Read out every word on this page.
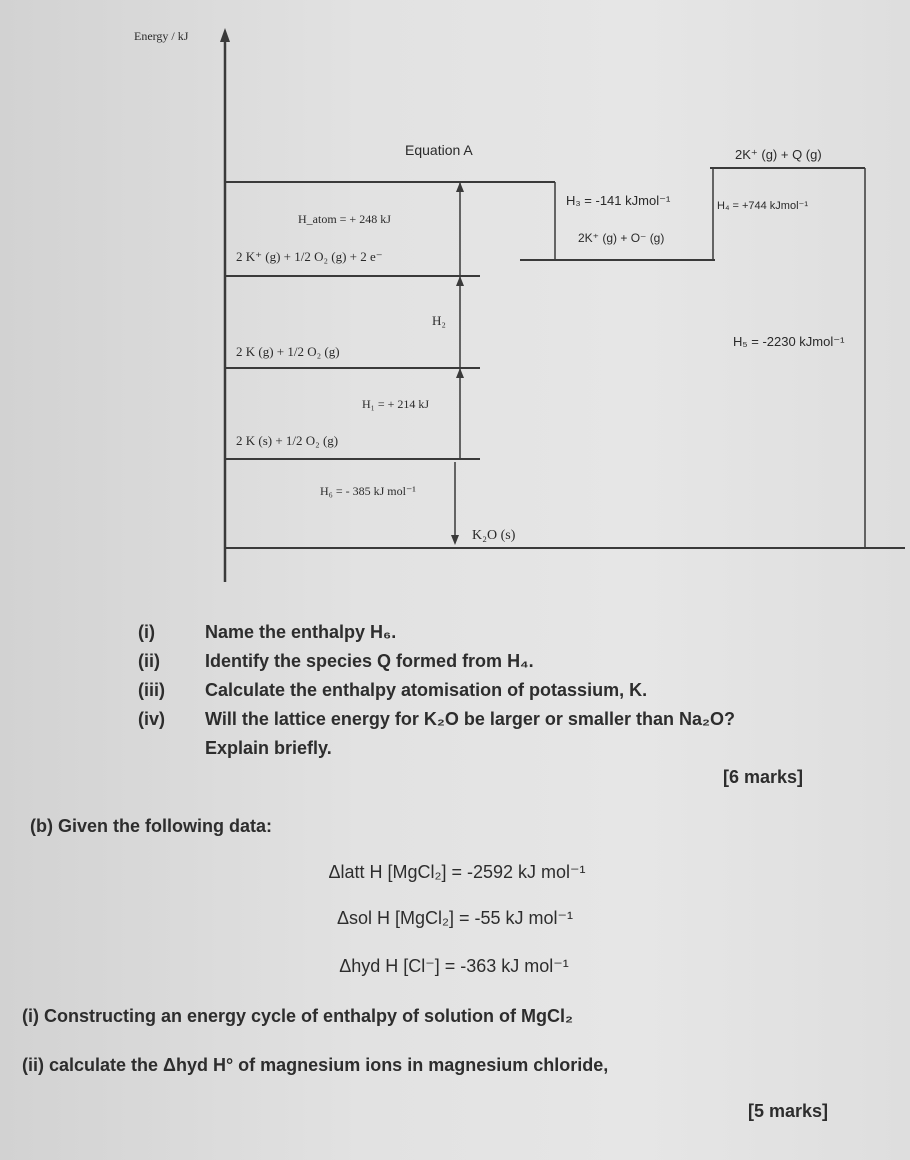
Energy / kJ
Equation A	2K⁺ (g) + Q (g)
H_atom = + 248 kJ
2 K⁺ (g) + 1/2 O₂ (g) + 2 e⁻
H₃ = -141 kJmol⁻¹
2K⁺ (g) + O⁻ (g)
H₄ = +744 kJmol⁻¹
H₂
2 K (g) + 1/2 O₂ (g)
H₅ = -2230 kJmol⁻¹
H₁ = + 214 kJ
2 K (s) + 1/2 O₂ (g)
H₆ = - 385 kJ mol⁻¹
K₂O (s)
(i)	Name the enthalpy H₆.
(ii)	Identify the species Q formed from H₄.
(iii) Calculate the enthalpy atomisation of potassium, K.
(iv) Will the lattice energy for K₂O be larger or smaller than Na₂O?
Explain briefly.
[6 marks]
(b) Given the following data:
Δlatt H [MgCl₂] = -2592 kJ mol⁻¹
Δsol H [MgCl₂] = -55 kJ mol⁻¹
Δhyd H [Cl⁻] = -363 kJ mol⁻¹
(i) Constructing an energy cycle of enthalpy of solution of MgCl₂
(ii) calculate the Δhyd H° of magnesium ions in magnesium chloride,
[5 marks]
